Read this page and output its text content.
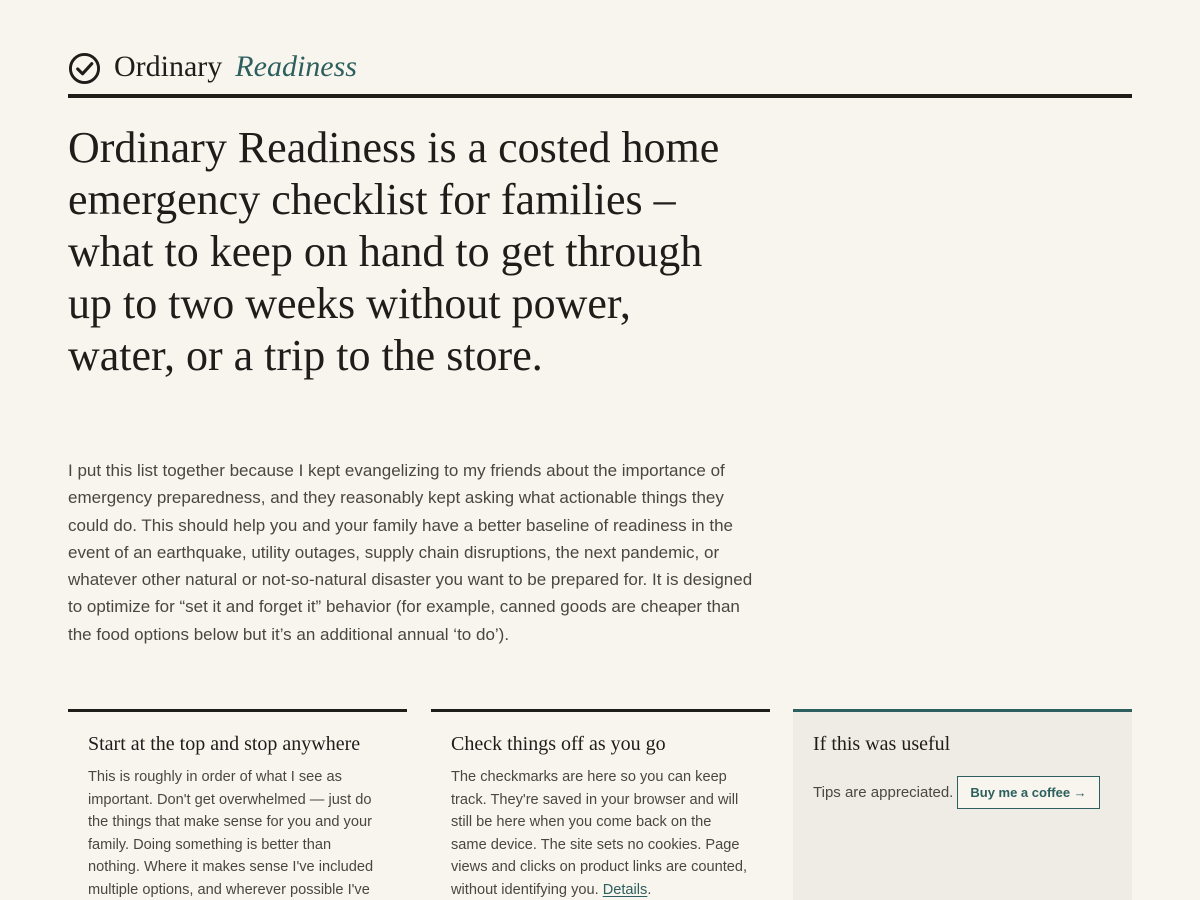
Ordinary Readiness
Ordinary Readiness is a costed home emergency checklist for families – what to keep on hand to get through up to two weeks without power, water, or a trip to the store.

I put this list together because I kept evangelizing to my friends about the importance of emergency preparedness, and they reasonably kept asking what actionable things they could do. This should help you and your family have a better baseline of readiness in the event of an earthquake, utility outages, supply chain disruptions, the next pandemic, or whatever other natural or not-so-natural disaster you want to be prepared for. It is designed to optimize for “set it and forget it” behavior (for example, canned goods are cheaper than the food options below but it’s an additional annual ‘to do’).

Start at the top and stop anywhere

This is roughly in order of what I see as important. Don't get overwhelmed — just do the things that make sense for you and your family. Doing something is better than nothing. Where it makes sense I've included multiple options, and wherever possible I've

Check things off as you go

The checkmarks are here so you can keep track. They're saved in your browser and will still be here when you come back on the same device. The site sets no cookies. Page views and clicks on product links are counted, without identifying you. Details.

If this was useful
Tips are appreciated.	Buy me a coffee →
